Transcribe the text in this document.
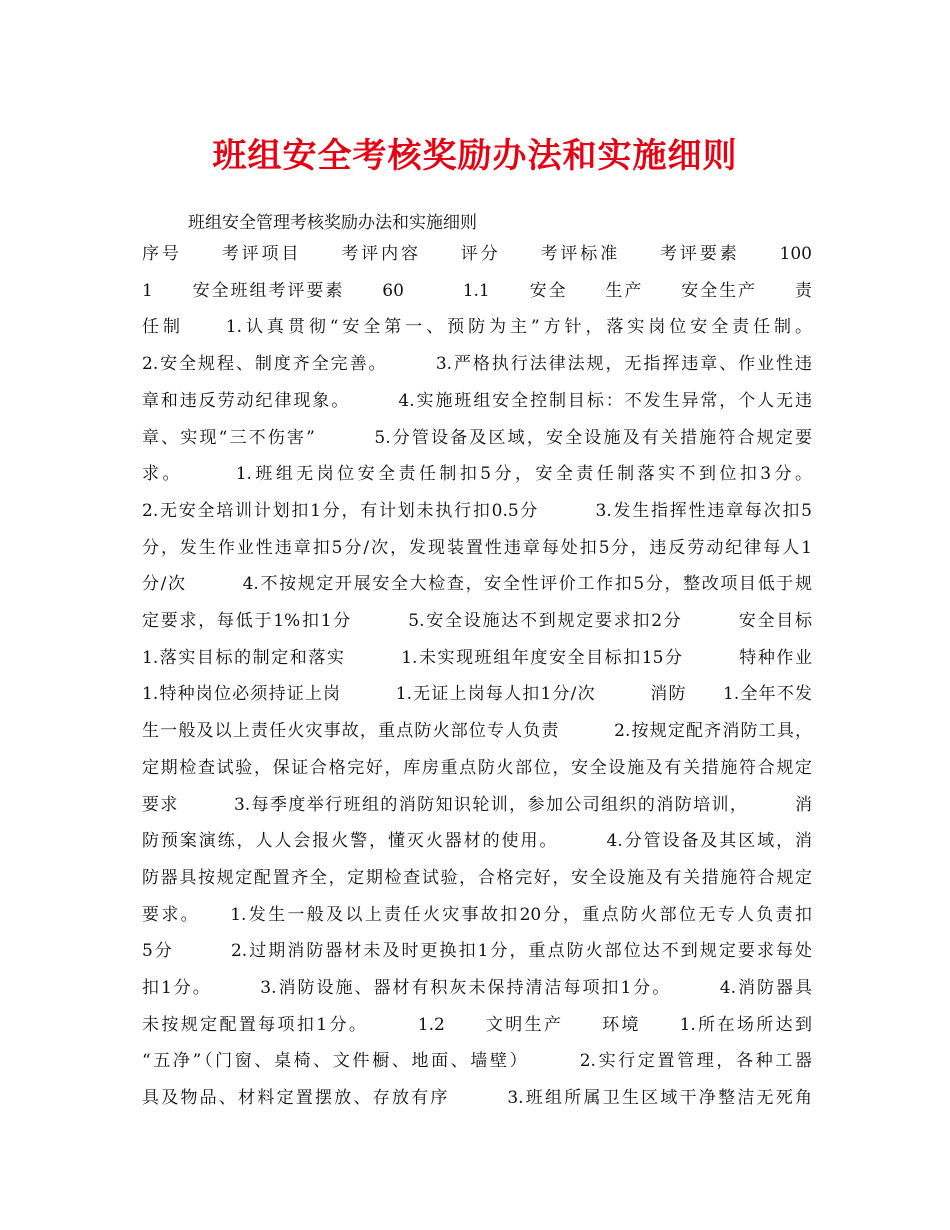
班组安全考核奖励办法和实施细则
班组安全管理考核奖励办法和实施细则
序号　　考评项目　　考评内容　　评分　　考评标准　　考评要素　　100
1　　安全班组考评要素　　60　　　1.1　　安全　　生产　　安全生产　　责
任制　　1.认真贯彻“安全第一、预防为主”方针，落实岗位安全责任制。
2.安全规程、制度齐全完善。　　　3.严格执行法律法规，无指挥违章、作业性违
章和违反劳动纪律现象。　　　4.实施班组安全控制目标：不发生异常，个人无违
章、实现“三不伤害”　　　5.分管设备及区域，安全设施及有关措施符合规定要
求。　　　1.班组无岗位安全责任制扣5分，安全责任制落实不到位扣3分。
2.无安全培训计划扣1分，有计划未执行扣0.5分　　　3.发生指挥性违章每次扣5
分，发生作业性违章扣5分/次，发现装置性违章每处扣5分，违反劳动纪律每人1
分/次　　　4.不按规定开展安全大检查，安全性评价工作扣5分，整改项目低于规
定要求，每低于1%扣1分　　　5.安全设施达不到规定要求扣2分　　　安全目标
1.落实目标的制定和落实　　　1.未实现班组年度安全目标扣15分　　　特种作业
1.特种岗位必须持证上岗　　　1.无证上岗每人扣1分/次　　　消防　　1.全年不发
生一般及以上责任火灾事故，重点防火部位专人负责　　　2.按规定配齐消防工具，
定期检查试验，保证合格完好，库房重点防火部位，安全设施及有关措施符合规定
要求　　　3.每季度举行班组的消防知识轮训，参加公司组织的消防培训，　　　消
防预案演练，人人会报火警，懂灭火器材的使用。　　　4.分管设备及其区域，消
防器具按规定配置齐全，定期检查试验，合格完好，安全设施及有关措施符合规定
要求。　　1.发生一般及以上责任火灾事故扣20分，重点防火部位无专人负责扣
5分　　　2.过期消防器材未及时更换扣1分，重点防火部位达不到规定要求每处
扣1分。　　　3.消防设施、器材有积灰未保持清洁每项扣1分。　　　4.消防器具
未按规定配置每项扣1分。　　　1.2　　文明生产　　环境　　1.所在场所达到
“五净”（门窗、桌椅、文件橱、地面、墙壁）　　　2.实行定置管理，各种工器
具及物品、材料定置摆放、存放有序　　　3.班组所属卫生区域干净整洁无死角
